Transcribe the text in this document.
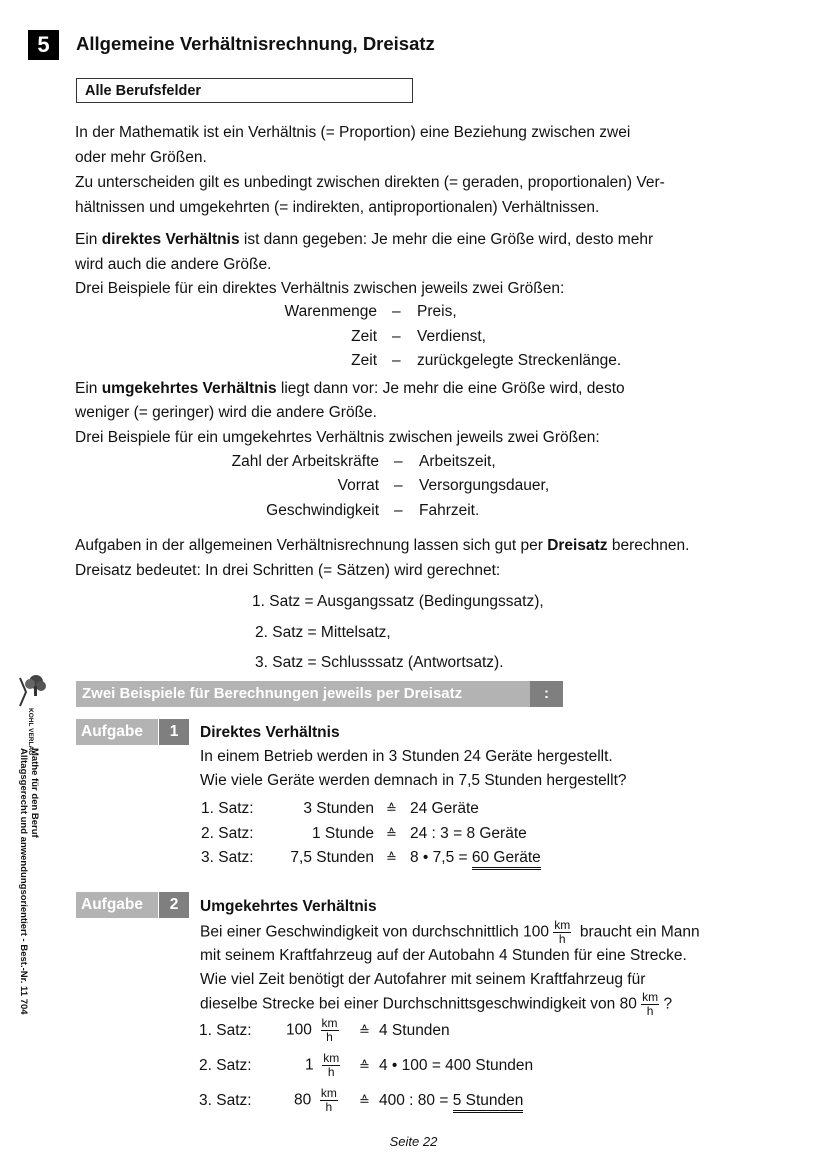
5	Allgemeine Verhältnisrechnung, Dreisatz
Alle Berufsfelder
In der Mathematik ist ein Verhältnis (= Proportion) eine Beziehung zwischen zwei
oder mehr Größen.
Zu unterscheiden gilt es unbedingt zwischen direkten (= geraden, proportionalen) Ver-
hältnissen und umgekehrten (= indirekten, antiproportionalen) Verhältnissen.
Ein direktes Verhältnis ist dann gegeben: Je mehr die eine Größe wird, desto mehr
wird auch die andere Größe.
Drei Beispiele für ein direktes Verhältnis zwischen jeweils zwei Größen:
Warenmenge – Preis,
Zeit – Verdienst,
Zeit – zurückgelegte Streckenlänge.
Ein umgekehrtes Verhältnis liegt dann vor: Je mehr die eine Größe wird, desto
weniger (= geringer) wird die andere Größe.
Drei Beispiele für ein umgekehrtes Verhältnis zwischen jeweils zwei Größen:
Zahl der Arbeitskräfte – Arbeitszeit,
Vorrat – Versorgungsdauer,
Geschwindigkeit – Fahrzeit.
Aufgaben in der allgemeinen Verhältnisrechnung lassen sich gut per Dreisatz berechnen.
Dreisatz bedeutet: In drei Schritten (= Sätzen) wird gerechnet:
1. Satz = Ausgangssatz (Bedingungssatz),
2. Satz = Mittelsatz,
3. Satz = Schlusssatz (Antwortsatz).
Zwei Beispiele für Berechnungen jeweils per Dreisatz	:
Aufgabe	1	Direktes Verhältnis
In einem Betrieb werden in 3 Stunden 24 Geräte hergestellt.
Wie viele Geräte werden demnach in 7,5 Stunden hergestellt?
1. Satz:	3 Stunden ≙ 24 Geräte
2. Satz:	1 Stunde ≙ 24 : 3 = 8 Geräte
3. Satz:	7,5 Stunden ≙ 8 • 7,5 = 60 Geräte
Aufgabe	2	Umgekehrtes Verhältnis
Bei einer Geschwindigkeit von durchschnittlich $100 \frac{km}{h}$ braucht ein Mann
mit seinem Kraftfahrzeug auf der Autobahn 4 Stunden für eine Strecke.
Wie viel Zeit benötigt der Autofahrer mit seinem Kraftfahrzeug für
dieselbe Strecke bei einer Durchschnittsgeschwindigkeit von $80 \frac{km}{h}$ ?
1. Satz: $100 \frac{km}{h}$ ≙ 4 Stunden
2. Satz:	$1 \frac{km}{h}$ ≙ 4 • 100 = 400 Stunden
3. Satz:	$80 \frac{km}{h}$ ≙ 400 : 80 = 5 Stunden
KOHL VERLAG
Mathe für den Beruf
Alltagsgerecht und anwendungsorientiert - Best.-Nr. 11 704
Seite 22
